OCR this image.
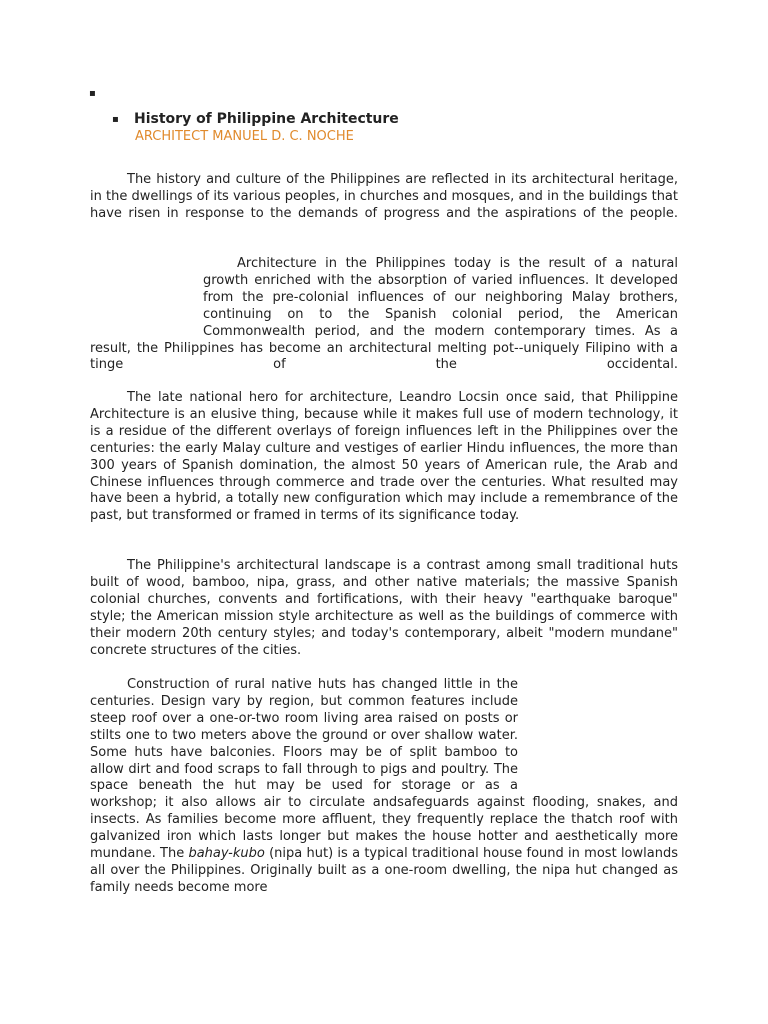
▪
▪ History of Philippine Architecture
ARCHITECT MANUEL D. C. NOCHE

The history and culture of the Philippines are reflected in its architectural heritage, in the dwellings of its various peoples, in churches and mosques, and in the buildings that have risen in response to the demands of progress and the aspirations of the people.

Architecture in the Philippines today is the result of a natural growth enriched with the absorption of varied influences. It developed from the pre-colonial influences of our neighboring Malay brothers, continuing on to the Spanish colonial period, the American Commonwealth period, and the modern contemporary times. As a result, the Philippines has become an architectural melting pot--uniquely Filipino with a tinge of the occidental.

The late national hero for architecture, Leandro Locsin once said, that Philippine Architecture is an elusive thing, because while it makes full use of modern technology, it is a residue of the different overlays of foreign influences left in the Philippines over the centuries: the early Malay culture and vestiges of earlier Hindu influences, the more than 300 years of Spanish domination, the almost 50 years of American rule, the Arab and Chinese influences through commerce and trade over the centuries. What resulted may have been a hybrid, a totally new configuration which may include a remembrance of the past, but transformed or framed in terms of its significance today.

The Philippine's architectural landscape is a contrast among small traditional huts built of wood, bamboo, nipa, grass, and other native materials; the massive Spanish colonial churches, convents and fortifications, with their heavy "earthquake baroque" style; the American mission style architecture as well as the buildings of commerce with their modern 20th century styles; and today's contemporary, albeit "modern mundane" concrete structures of the cities.

Construction of rural native huts has changed little in the centuries. Design vary by region, but common features include steep roof over a one-or-two room living area raised on posts or stilts one to two meters above the ground or over shallow water. Some huts have balconies. Floors may be of split bamboo to allow dirt and food scraps to fall through to pigs and poultry. The space beneath the hut may be used for storage or as a workshop; it also allows air to circulate andsafeguards against flooding, snakes, and insects. As families become more affluent, they frequently replace the thatch roof with galvanized iron which lasts longer but makes the house hotter and aesthetically more mundane. The bahay-kubo (nipa hut) is a typical traditional house found in most lowlands all over the Philippines. Originally built as a one-room dwelling, the nipa hut changed as family needs become more
